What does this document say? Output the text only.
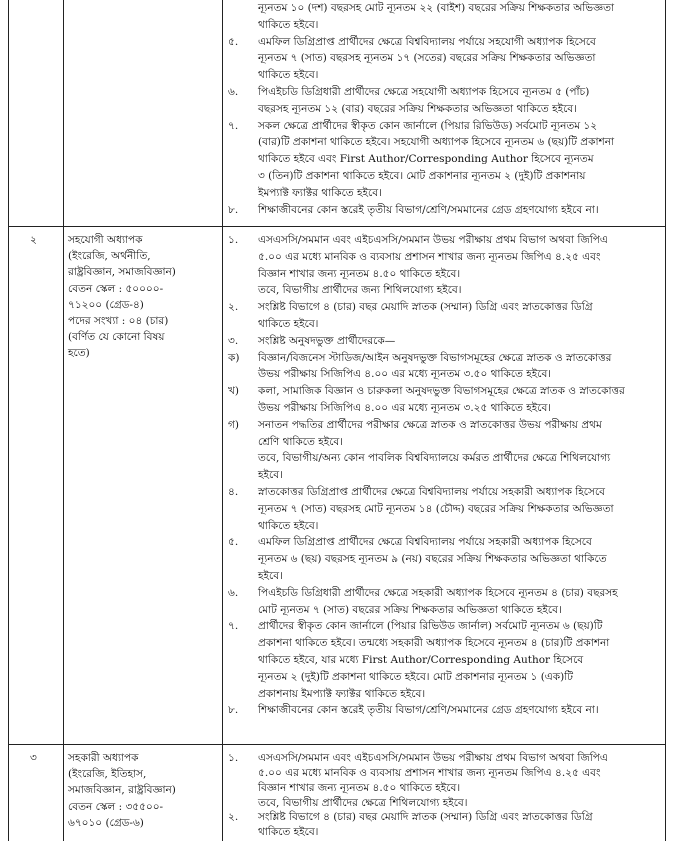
ন্যূনতম ১০ (দশ) বছরসহ মোট ন্যূনতম ২২ (বাইশ) বছরের সক্রিয় শিক্ষকতার অভিজ্ঞতা
থাকিতে হইবে।
৫. এমফিল ডিগ্রিপ্রাপ্ত প্রার্থীদের ক্ষেত্রে বিশ্ববিদ্যালয় পর্যায়ে সহযোগী অধ্যাপক হিসেবে
ন্যূনতম ৭ (সাত) বছরসহ ন্যূনতম ১৭ (সতের) বছরের সক্রিয় শিক্ষকতার অভিজ্ঞতা
থাকিতে হইবে।
৬. পিএইচডি ডিগ্রিধারী প্রার্থীদের ক্ষেত্রে সহযোগী অধ্যাপক হিসেবে ন্যূনতম ৫ (পাঁচ)
বছরসহ ন্যূনতম ১২ (বার) বছরের সক্রিয় শিক্ষকতার অভিজ্ঞতা থাকিতে হইবে।
৭. সকল ক্ষেত্রে প্রার্থীদের স্বীকৃত কোন জার্নালে (পিয়ার রিভিউড) সর্বমোট ন্যূনতম ১২
(বার)টি প্রকাশনা থাকিতে হইবে। সহযোগী অধ্যাপক হিসেবে ন্যূনতম ৬ (ছয়)টি প্রকাশনা
থাকিতে হইবে এবং First Author/Corresponding Author হিসেবে ন্যূনতম
৩ (তিন)টি প্রকাশনা থাকিতে হইবে। মোট প্রকাশনার ন্যূনতম ২ (দুই)টি প্রকাশনায়
ইমপ্যাক্ট ফ্যাক্টর থাকিতে হইবে।
৮. শিক্ষাজীবনের কোন স্তরেই তৃতীয় বিভাগ/শ্রেণি/সমমানের গ্রেড গ্রহণযোগ্য হইবে না।
২	সহযোগী অধ্যাপক
(ইংরেজি, অর্থনীতি,
রাষ্ট্রবিজ্ঞান, সমাজবিজ্ঞান)
বেতন স্কেল : ৫০০০০-
৭১২০০ (গ্রেড-৪)
পদের সংখ্যা : ০৪ (চার)
(বর্ণিত যে কোনো বিষয়
হতে)
১. এসএসসি/সমমান এবং এইচএসসি/সমমান উভয় পরীক্ষায় প্রথম বিভাগ অথবা জিপিএ
৫.০০ এর মধ্যে মানবিক ও ব্যবসায় প্রশাসন শাখার জন্য ন্যূনতম জিপিএ ৪.২৫ এবং
বিজ্ঞান শাখার জন্য ন্যূনতম ৪.৫০ থাকিতে হইবে।
তবে, বিভাগীয় প্রার্থীদের জন্য শিথিলযোগ্য হইবে।
২. সংশ্লিষ্ট বিভাগে ৪ (চার) বছর মেয়াদি স্নাতক (সম্মান) ডিগ্রি এবং স্নাতকোত্তর ডিগ্রি
থাকিতে হইবে।
৩. সংশ্লিষ্ট অনুষদভুক্ত প্রার্থীদেরকে—
ক) বিজ্ঞান/বিজনেস স্টাডিজ/আইন অনুষদভুক্ত বিভাগসমূহের ক্ষেত্রে স্নাতক ও স্নাতকোত্তর
উভয় পরীক্ষায় সিজিপিএ ৪.০০ এর মধ্যে ন্যূনতম ৩.৫০ থাকিতে হইবে।
খ) কলা, সামাজিক বিজ্ঞান ও চারুকলা অনুষদভুক্ত বিভাগসমূহের ক্ষেত্রে স্নাতক ও স্নাতকোত্তর
উভয় পরীক্ষায় সিজিপিএ ৪.০০ এর মধ্যে ন্যূনতম ৩.২৫ থাকিতে হইবে।
গ) সনাতন পদ্ধতির প্রার্থীদের পরীক্ষার ক্ষেত্রে স্নাতক ও স্নাতকোত্তর উভয় পরীক্ষায় প্রথম
শ্রেণি থাকিতে হইবে।
তবে, বিভাগীয়/অন্য কোন পাবলিক বিশ্ববিদ্যালয়ে কর্মরত প্রার্থীদের ক্ষেত্রে শিথিলযোগ্য
হইবে।
৪. স্নাতকোত্তর ডিগ্রিপ্রাপ্ত প্রার্থীদের ক্ষেত্রে বিশ্ববিদ্যালয় পর্যায়ে সহকারী অধ্যাপক হিসেবে
ন্যূনতম ৭ (সাত) বছরসহ মোট ন্যূনতম ১৪ (চৌদ্দ) বছরের সক্রিয় শিক্ষকতার অভিজ্ঞতা
থাকিতে হইবে।
৫. এমফিল ডিগ্রিপ্রাপ্ত প্রার্থীদের ক্ষেত্রে বিশ্ববিদ্যালয় পর্যায়ে সহকারী অধ্যাপক হিসেবে
ন্যূনতম ৬ (ছয়) বছরসহ ন্যূনতম ৯ (নয়) বছরের সক্রিয় শিক্ষকতার অভিজ্ঞতা থাকিতে
হইবে।
৬. পিএইচডি ডিগ্রিধারী প্রার্থীদের ক্ষেত্রে সহকারী অধ্যাপক হিসেবে ন্যূনতম ৪ (চার) বছরসহ
মোট ন্যূনতম ৭ (সাত) বছরের সক্রিয় শিক্ষকতার অভিজ্ঞতা থাকিতে হইবে।
৭. প্রার্থীদের স্বীকৃত কোন জার্নালে (পিয়ার রিভিউড জার্নাল) সর্বমোট ন্যূনতম ৬ (ছয়)টি
প্রকাশনা থাকিতে হইবে। তন্মধ্যে সহকারী অধ্যাপক হিসেবে ন্যূনতম ৪ (চার)টি প্রকাশনা
থাকিতে হইবে, যার মধ্যে First Author/Corresponding Author হিসেবে
ন্যূনতম ২ (দুই)টি প্রকাশনা থাকিতে হইবে। মোট প্রকাশনার ন্যূনতম ১ (এক)টি
প্রকাশনায় ইমপ্যাক্ট ফ্যাক্টর থাকিতে হইবে।
৮. শিক্ষাজীবনের কোন স্তরেই তৃতীয় বিভাগ/শ্রেণি/সমমানের গ্রেড গ্রহণযোগ্য হইবে না।
৩	সহকারী অধ্যাপক
(ইংরেজি, ইতিহাস,
সমাজবিজ্ঞান, রাষ্ট্রবিজ্ঞান)
বেতন স্কেল : ৩৫৫০০-
৬৭০১০ (গ্রেড-৬)
১. এসএসসি/সমমান এবং এইচএসসি/সমমান উভয় পরীক্ষায় প্রথম বিভাগ অথবা জিপিএ
৫.০০ এর মধ্যে মানবিক ও ব্যবসায় প্রশাসন শাখার জন্য ন্যূনতম জিপিএ ৪.২৫ এবং
বিজ্ঞান শাখার জন্য ন্যূনতম ৪.৫০ থাকিতে হইবে।
তবে, বিভাগীয় প্রার্থীদের ক্ষেত্রে শিথিলযোগ্য হইবে।
২. সংশ্লিষ্ট বিভাগে ৪ (চার) বছর মেয়াদি স্নাতক (সম্মান) ডিগ্রি এবং স্নাতকোত্তর ডিগ্রি
থাকিতে হইবে।
